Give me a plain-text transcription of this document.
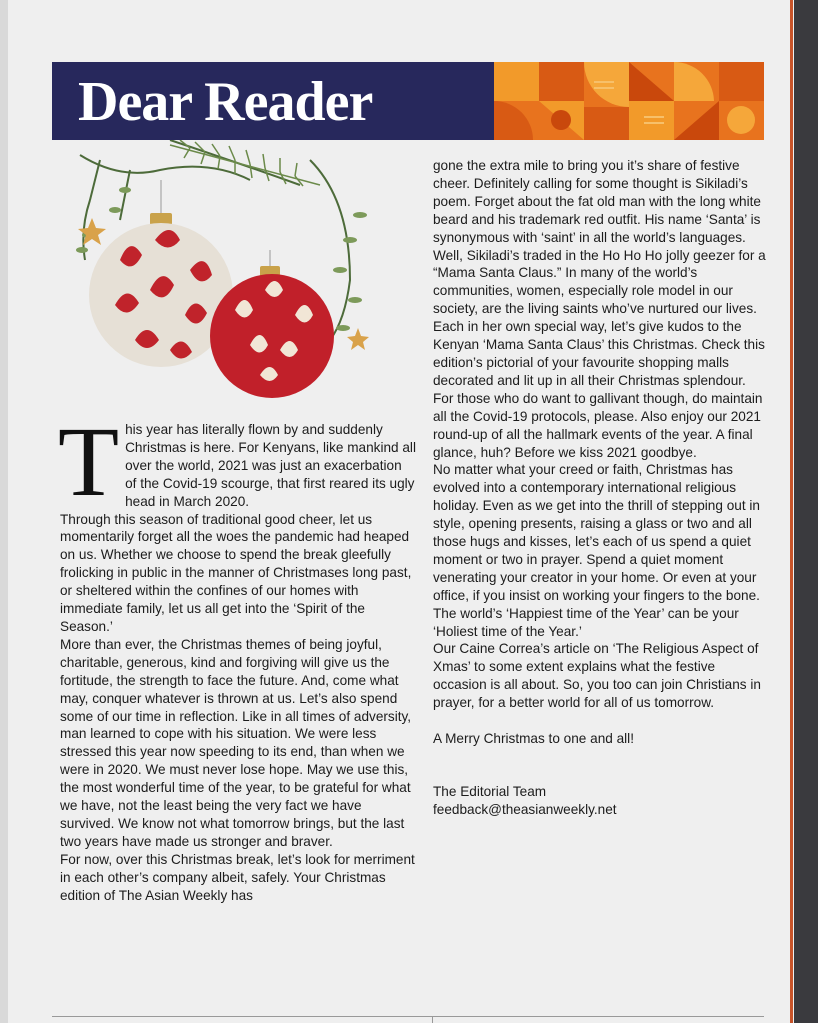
Dear Reader
T his year has literally flown by and suddenly Christmas is here. For Kenyans, like mankind all over the world, 2021 was just an exacerbation of the Covid-19 scourge, that first reared its ugly head in March 2020.

Through this season of traditional good cheer, let us momentarily forget all the woes the pandemic had heaped on us. Whether we choose to spend the break gleefully frolicking in public in the manner of Christmases long past, or sheltered within the confines of our homes with immediate family, let us all get into the ‘Spirit of the Season.’

More than ever, the Christmas themes of being joyful, charitable, generous, kind and forgiving will give us the fortitude, the strength to face the future. And, come what may, conquer whatever is thrown at us. Let’s also spend some of our time in reflection. Like in all times of adversity, man learned to cope with his situation. We were less stressed this year now speeding to its end, than when we were in 2020. We must never lose hope. May we use this, the most wonderful time of the year, to be grateful for what we have, not the least being the very fact we have survived. We know not what tomorrow brings, but the last two years have made us stronger and braver.

For now, over this Christmas break, let’s look for merriment in each other’s company albeit, safely. Your Christmas edition of The Asian Weekly has

gone the extra mile to bring you it’s share of festive cheer. Definitely calling for some thought is Sikiladi’s poem. Forget about the fat old man with the long white beard and his trademark red outfit. His name ‘Santa’ is synonymous with ‘saint’ in all the world’s languages.

Well, Sikiladi’s traded in the Ho Ho Ho jolly geezer for a “Mama Santa Claus.” In many of the world’s communities, women, especially role model in our society, are the living saints who’ve nurtured our lives. Each in her own special way, let’s give kudos to the Kenyan ‘Mama Santa Claus’ this Christmas. Check this edition’s pictorial of your favourite shopping malls decorated and lit up in all their Christmas splendour. For those who do want to gallivant though, do maintain all the Covid-19 protocols, please. Also enjoy our 2021 round-up of all the hallmark events of the year. A final glance, huh? Before we kiss 2021 goodbye.

No matter what your creed or faith, Christmas has evolved into a contemporary international religious holiday. Even as we get into the thrill of stepping out in style, opening presents, raising a glass or two and all those hugs and kisses, let’s each of us spend a quiet moment or two in prayer. Spend a quiet moment venerating your creator in your home. Or even at your office, if you insist on working your fingers to the bone.

The world’s ‘Happiest time of the Year’ can be your ‘Holiest time of the Year.’

Our Caine Correa’s article on ‘The Religious Aspect of Xmas’ to some extent explains what the festive occasion is all about. So, you too can join Christians in prayer, for a better world for all of us tomorrow.

A Merry Christmas to one and all!

The Editorial Team

feedback@theasianweekly.net
